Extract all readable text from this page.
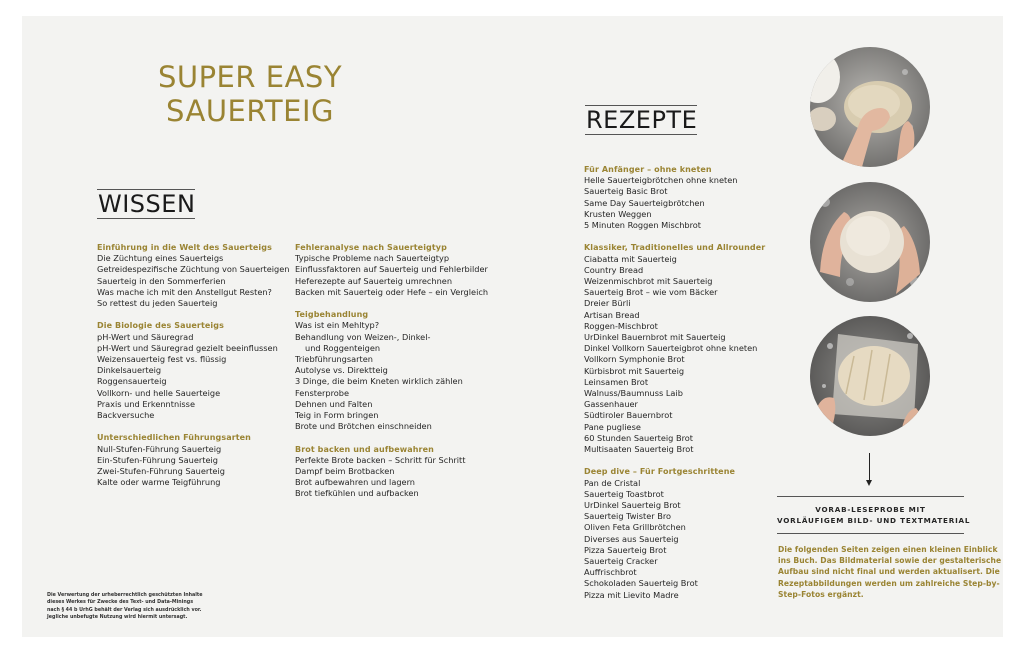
SUPER EASY
SAUERTEIG
WISSEN
Einführung in die Welt des Sauerteigs
Die Züchtung eines Sauerteigs
Getreidespezifische Züchtung von Sauerteigen
Sauerteig in den Sommerferien
Was mache ich mit den Anstellgut Resten?
So rettest du jeden Sauerteig
Die Biologie des Sauerteigs
pH-Wert und Säuregrad
pH-Wert und Säuregrad gezielt beeinflussen
Weizensauerteig fest vs. flüssig
Dinkelsauerteig
Roggensauerteig
Vollkorn- und helle Sauerteige
Praxis und Erkenntnisse
Backversuche
Unterschiedlichen Führungsarten
Null-Stufen-Führung Sauerteig
Ein-Stufen-Führung Sauerteig
Zwei-Stufen-Führung Sauerteig
Kalte oder warme Teigführung
Fehleranalyse nach Sauerteigtyp
Typische Probleme nach Sauerteigtyp
Einflussfaktoren auf Sauerteig und Fehlerbilder
Heferezepte auf Sauerteig umrechnen
Backen mit Sauerteig oder Hefe – ein Vergleich
Teigbehandlung
Was ist ein Mehltyp?
Behandlung von Weizen-, Dinkel-
und Roggenteigen
Triebführungsarten
Autolyse vs. Direktteig
3 Dinge, die beim Kneten wirklich zählen
Fensterprobe
Dehnen und Falten
Teig in Form bringen
Brote und Brötchen einschneiden
Brot backen und aufbewahren
Perfekte Brote backen – Schritt für Schritt
Dampf beim Brotbacken
Brot aufbewahren und lagern
Brot tiefkühlen und aufbacken
REZEPTE
Für Anfänger – ohne kneten
Helle Sauerteigbrötchen ohne kneten
Sauerteig Basic Brot
Same Day Sauerteigbrötchen
Krusten Weggen
5 Minuten Roggen Mischbrot
Klassiker, Traditionelles und Allrounder
Ciabatta mit Sauerteig
Country Bread
Weizenmischbrot mit Sauerteig
Sauerteig Brot – wie vom Bäcker
Dreier Bürli
Artisan Bread
Roggen-Mischbrot
UrDinkel Bauernbrot mit Sauerteig
Dinkel Vollkorn Sauerteigbrot ohne kneten
Vollkorn Symphonie Brot
Kürbisbrot mit Sauerteig
Leinsamen Brot
Walnuss/Baumnuss Laib
Gassenhauer
Südtiroler Bauernbrot
Pane pugliese
60 Stunden Sauerteig Brot
Multisaaten Sauerteig Brot
Deep dive – Für Fortgeschrittene
Pan de Cristal
Sauerteig Toastbrot
UrDinkel Sauerteig Brot
Sauerteig Twister Bro
Oliven Feta Grillbrötchen
Diverses aus Sauerteig
Pizza Sauerteig Brot
Sauerteig Cracker
Auffrischbrot
Schokoladen Sauerteig Brot
Pizza mit Lievito Madre
VORAB-LESEPROBE MIT
VORLÄUFIGEM BILD- UND TEXTMATERIAL
Die folgenden Seiten zeigen einen kleinen Einblick
ins Buch. Das Bildmaterial sowie der gestalterische
Aufbau sind nicht final und werden aktualisert. Die
Rezeptabbildungen werden um zahlreiche Step-by-
Step-Fotos ergänzt.
Die Verwertung der urheberrechtlich geschützten Inhalte
dieses Werkes für Zwecke des Text- und Data-Minings
nach § 44 b UrhG behält der Verlag sich ausdrücklich vor.
Jegliche unbefugte Nutzung wird hiermit untersagt.
